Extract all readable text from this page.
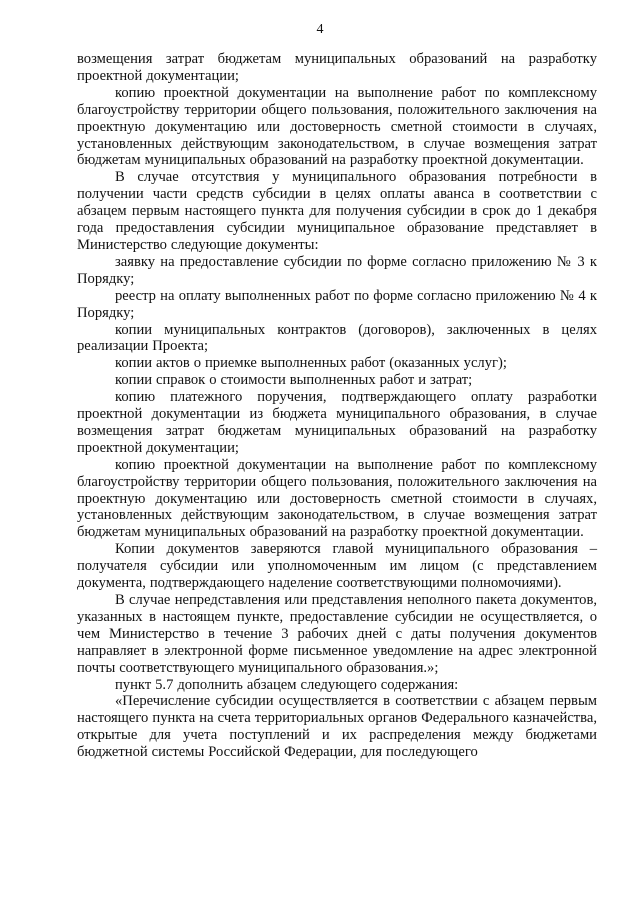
4

возмещения затрат бюджетам муниципальных образований на разработку проектной документации;

копию проектной документации на выполнение работ по комплексному благоустройству территории общего пользования, положительного заключения на проектную документацию или достоверность сметной стоимости в случаях, установленных действующим законодательством, в случае возмещения затрат бюджетам муниципальных образований на разработку проектной документации.

В случае отсутствия у муниципального образования потребности в получении части средств субсидии в целях оплаты аванса в соответствии с абзацем первым настоящего пункта для получения субсидии в срок до 1 декабря года предоставления субсидии муниципальное образование представляет в Министерство следующие документы:

заявку на предоставление субсидии по форме согласно приложению № 3 к Порядку;

реестр на оплату выполненных работ по форме согласно приложению № 4 к Порядку;

копии муниципальных контрактов (договоров), заключенных в целях реализации Проекта;

копии актов о приемке выполненных работ (оказанных услуг);

копии справок о стоимости выполненных работ и затрат;

копию платежного поручения, подтверждающего оплату разработки проектной документации из бюджета муниципального образования, в случае возмещения затрат бюджетам муниципальных образований на разработку проектной документации;

копию проектной документации на выполнение работ по комплексному благоустройству территории общего пользования, положительного заключения на проектную документацию или достоверность сметной стоимости в случаях, установленных действующим законодательством, в случае возмещения затрат бюджетам муниципальных образований на разработку проектной документации.

Копии документов заверяются главой муниципального образования – получателя субсидии или уполномоченным им лицом (с представлением документа, подтверждающего наделение соответствующими полномочиями).

В случае непредставления или представления неполного пакета документов, указанных в настоящем пункте, предоставление субсидии не осуществляется, о чем Министерство в течение 3 рабочих дней с даты получения документов направляет в электронной форме письменное уведомление на адрес электронной почты соответствующего муниципального образования.»;

пункт 5.7 дополнить абзацем следующего содержания:

«Перечисление субсидии осуществляется в соответствии с абзацем первым настоящего пункта на счета территориальных органов Федерального казначейства, открытые для учета поступлений и их распределения между бюджетами бюджетной системы Российской Федерации, для последующего
